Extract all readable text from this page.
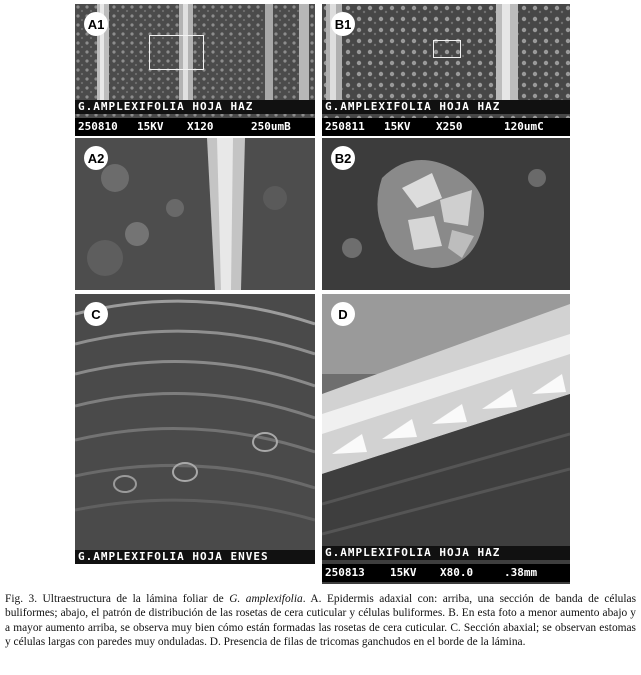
A1
G.AMPLEXIFOLIA HOJA HAZ
250810 15KV X120	250umB
B1
G.AMPLEXIFOLIA HOJA HAZ
250811 15KV X250	120umC
A2	B2
C
G.AMPLEXIFOLIA HOJA ENVES
D
G.AMPLEXIFOLIA HOJA HAZ
250813 15KV X80.0	.38mm
Fig. 3. Ultraestructura de la lámina foliar de G. amplexifolia. A. Epidermis adaxial con: arriba, una sección de banda de células buliformes; abajo, el patrón de distribución de las rosetas de cera cuticular y células buliformes. B. En esta foto a menor aumento abajo y a mayor aumento arriba, se observa muy bien cómo están formadas las rosetas de cera cuticular. C. Sección abaxial; se observan estomas y células largas con paredes muy onduladas. D. Presencia de filas de tricomas ganchudos en el borde de la lámina.
